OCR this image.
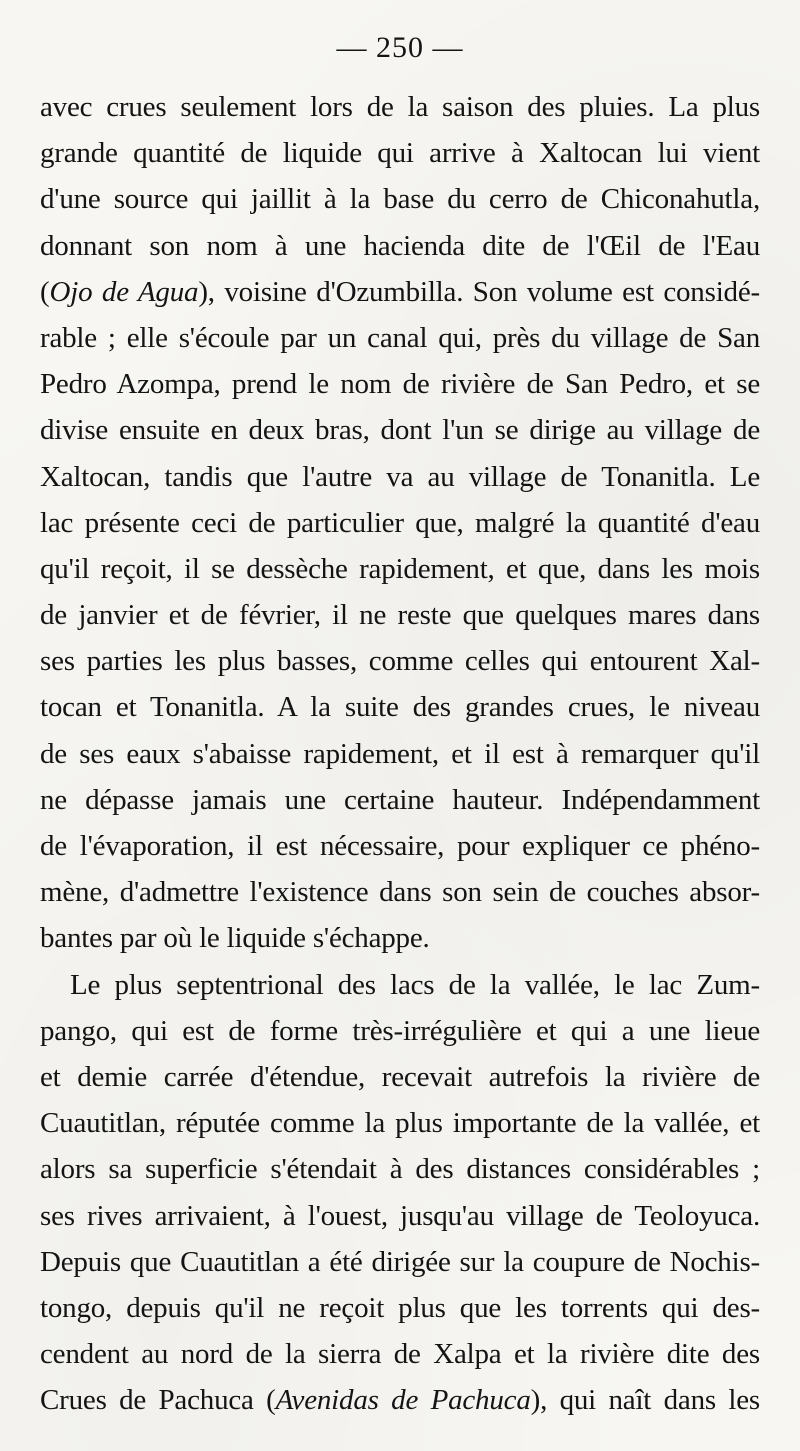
— 250 —
avec crues seulement lors de la saison des pluies. La plus
grande quantité de liquide qui arrive à Xaltocan lui vient
d'une source qui jaillit à la base du cerro de Chiconahutla,
donnant son nom à une hacienda dite de l'Œil de l'Eau
(Ojo de Agua), voisine d'Ozumbilla. Son volume est considé-
rable ; elle s'écoule par un canal qui, près du village de San
Pedro Azompa, prend le nom de rivière de San Pedro, et se
divise ensuite en deux bras, dont l'un se dirige au village de
Xaltocan, tandis que l'autre va au village de Tonanitla. Le
lac présente ceci de particulier que, malgré la quantité d'eau
qu'il reçoit, il se dessèche rapidement, et que, dans les mois
de janvier et de février, il ne reste que quelques mares dans
ses parties les plus basses, comme celles qui entourent Xal-
tocan et Tonanitla. A la suite des grandes crues, le niveau
de ses eaux s'abaisse rapidement, et il est à remarquer qu'il
ne dépasse jamais une certaine hauteur. Indépendamment
de l'évaporation, il est nécessaire, pour expliquer ce phéno-
mène, d'admettre l'existence dans son sein de couches absor-
bantes par où le liquide s'échappe.
Le plus septentrional des lacs de la vallée, le lac Zum-
pango, qui est de forme très-irrégulière et qui a une lieue
et demie carrée d'étendue, recevait autrefois la rivière de
Cuautitlan, réputée comme la plus importante de la vallée, et
alors sa superficie s'étendait à des distances considérables ;
ses rives arrivaient, à l'ouest, jusqu'au village de Teoloyuca.
Depuis que Cuautitlan a été dirigée sur la coupure de Nochis-
tongo, depuis qu'il ne reçoit plus que les torrents qui des-
cendent au nord de la sierra de Xalpa et la rivière dite des
Crues de Pachuca (Avenidas de Pachuca), qui naît dans les
